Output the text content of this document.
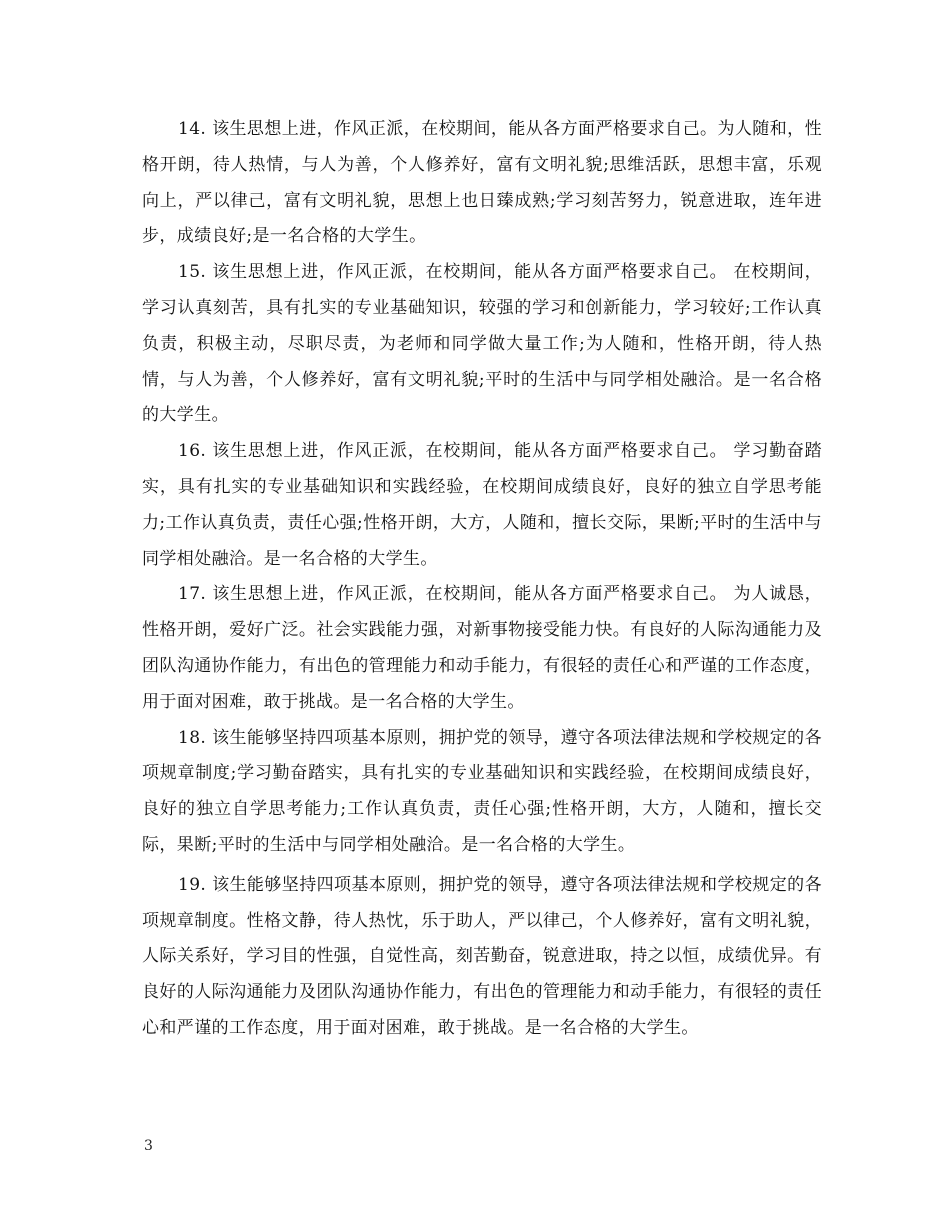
14. 该生思想上进，作风正派，在校期间，能从各方面严格要求自己。为人随和，性格开朗，待人热情，与人为善，个人修养好，富有文明礼貌;思维活跃，思想丰富，乐观向上，严以律己，富有文明礼貌，思想上也日臻成熟;学习刻苦努力，锐意进取，连年进步，成绩良好;是一名合格的大学生。

15. 该生思想上进，作风正派，在校期间，能从各方面严格要求自己。 在校期间，学习认真刻苦，具有扎实的专业基础知识，较强的学习和创新能力，学习较好;工作认真负责，积极主动，尽职尽责，为老师和同学做大量工作;为人随和，性格开朗，待人热情，与人为善，个人修养好，富有文明礼貌;平时的生活中与同学相处融洽。是一名合格的大学生。

16. 该生思想上进，作风正派，在校期间，能从各方面严格要求自己。 学习勤奋踏实，具有扎实的专业基础知识和实践经验，在校期间成绩良好，良好的独立自学思考能力;工作认真负责，责任心强;性格开朗，大方，人随和，擅长交际，果断;平时的生活中与同学相处融洽。是一名合格的大学生。

17. 该生思想上进，作风正派，在校期间，能从各方面严格要求自己。 为人诚恳，性格开朗，爱好广泛。社会实践能力强，对新事物接受能力快。有良好的人际沟通能力及团队沟通协作能力，有出色的管理能力和动手能力，有很轻的责任心和严谨的工作态度，用于面对困难，敢于挑战。是一名合格的大学生。

18. 该生能够坚持四项基本原则，拥护党的领导，遵守各项法律法规和学校规定的各项规章制度;学习勤奋踏实，具有扎实的专业基础知识和实践经验，在校期间成绩良好，良好的独立自学思考能力;工作认真负责，责任心强;性格开朗，大方，人随和，擅长交际，果断;平时的生活中与同学相处融洽。是一名合格的大学生。

19. 该生能够坚持四项基本原则，拥护党的领导，遵守各项法律法规和学校规定的各项规章制度。性格文静，待人热忱，乐于助人，严以律己，个人修养好，富有文明礼貌，人际关系好，学习目的性强，自觉性高，刻苦勤奋，锐意进取，持之以恒，成绩优异。有良好的人际沟通能力及团队沟通协作能力，有出色的管理能力和动手能力，有很轻的责任心和严谨的工作态度，用于面对困难，敢于挑战。是一名合格的大学生。

3
